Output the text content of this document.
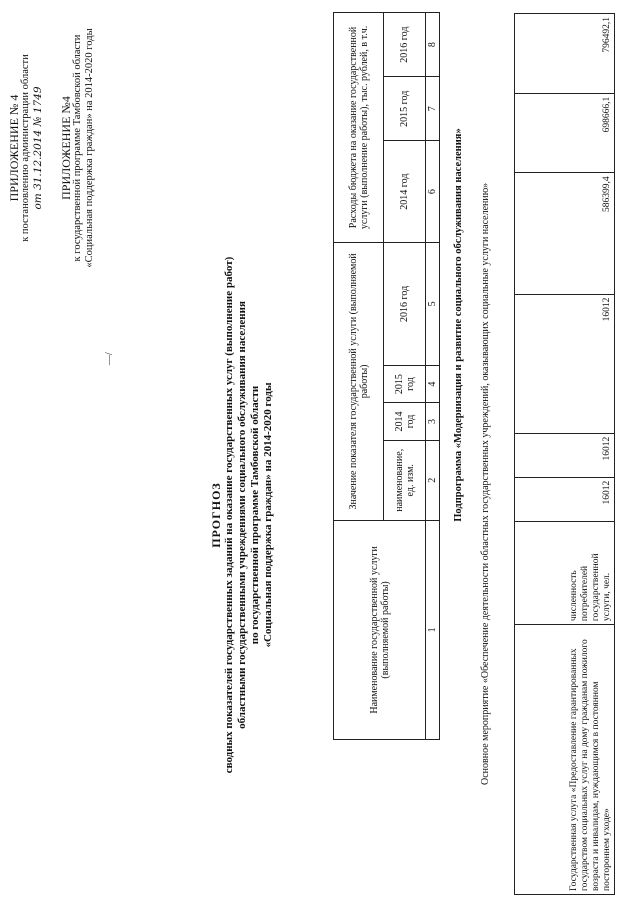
ПРИЛОЖЕНИЕ № 4 к постановлению администрации области от 31.12.2014 № 1749 ПРИЛОЖЕНИЕ №4 к государственной программе Тамбовской области «Социальная поддержка граждан» на 2014-2020 годы
—/
ПРОГНОЗ сводных показателей государственных заданий на оказание государственных услуг (выполнение работ) областными государственными учреждениями социального обслуживания населения по государственной программе Тамбовской области «Социальная поддержка граждан» на 2014-2020 годы	Наименование государственной услуги (выполняемой работы)	Значение показателя государственной услуги (выполняемой работы)				Расходы бюджета на оказание государственной услуги (выполнение работы), тыс. рублей, в т.ч.		
	наименование, ед. изм.	2014 год	2015 год	2016 год	2014 год	2015 год	2016 год
1	2	3	4	5	6	7	8
Подпрограмма «Модернизация и развитие социального обслуживания населения» Основное мероприятие «Обеспечение деятельности областных государственных учреждений, оказывающих социальные услуги населению»	Государственная услуга «Предоставление гарантированных государством социальных услуг на дому гражданам пожилого возраста и инвалидам, нуждающимся в постоянном постороннем уходе»	численность потребителей государственной услуги, чел.	16012	16012	16012	586399,4	698666,1	796492,1
